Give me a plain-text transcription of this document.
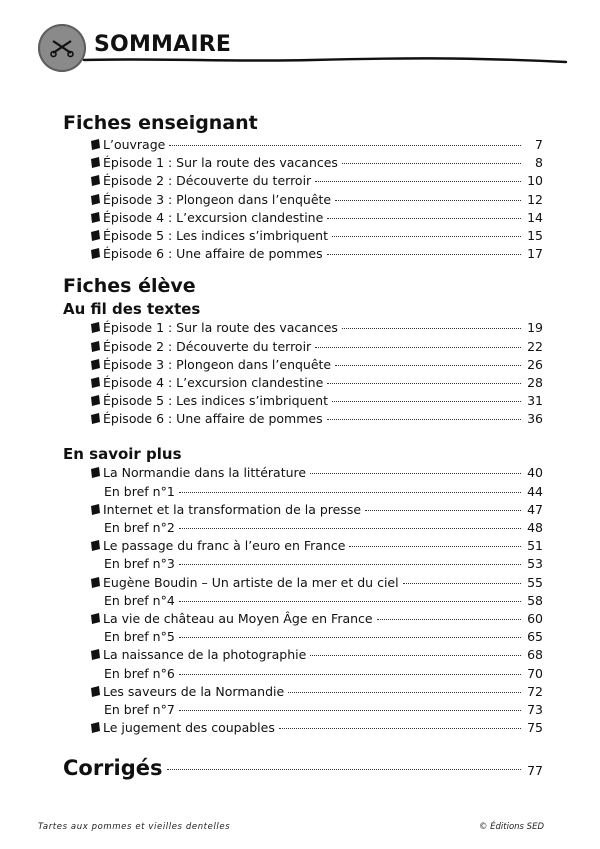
SOMMAIRE
Fiches enseignant
L’ouvrage	7
Épisode 1 : Sur la route des vacances	8
Épisode 2 : Découverte du terroir	10
Épisode 3 : Plongeon dans l’enquête	12
Épisode 4 : L’excursion clandestine	14
Épisode 5 : Les indices s’imbriquent	15
Épisode 6 : Une affaire de pommes	17
Fiches élève
Au fil des textes
Épisode 1 : Sur la route des vacances	19
Épisode 2 : Découverte du terroir	22
Épisode 3 : Plongeon dans l’enquête	26
Épisode 4 : L’excursion clandestine	28
Épisode 5 : Les indices s’imbriquent	31
Épisode 6 : Une affaire de pommes	36
En savoir plus
La Normandie dans la littérature	40
En bref n°1	44
Internet et la transformation de la presse	47
En bref n°2	48
Le passage du franc à l’euro en France	51
En bref n°3	53
Eugène Boudin – Un artiste de la mer et du ciel	55
En bref n°4	58
La vie de château au Moyen Âge en France	60
En bref n°5	65
La naissance de la photographie	68
En bref n°6	70
Les saveurs de la Normandie	72
En bref n°7	73
Le jugement des coupables	75
Corrigés	77
Tartes aux pommes et vieilles dentelles	© Éditions SED
